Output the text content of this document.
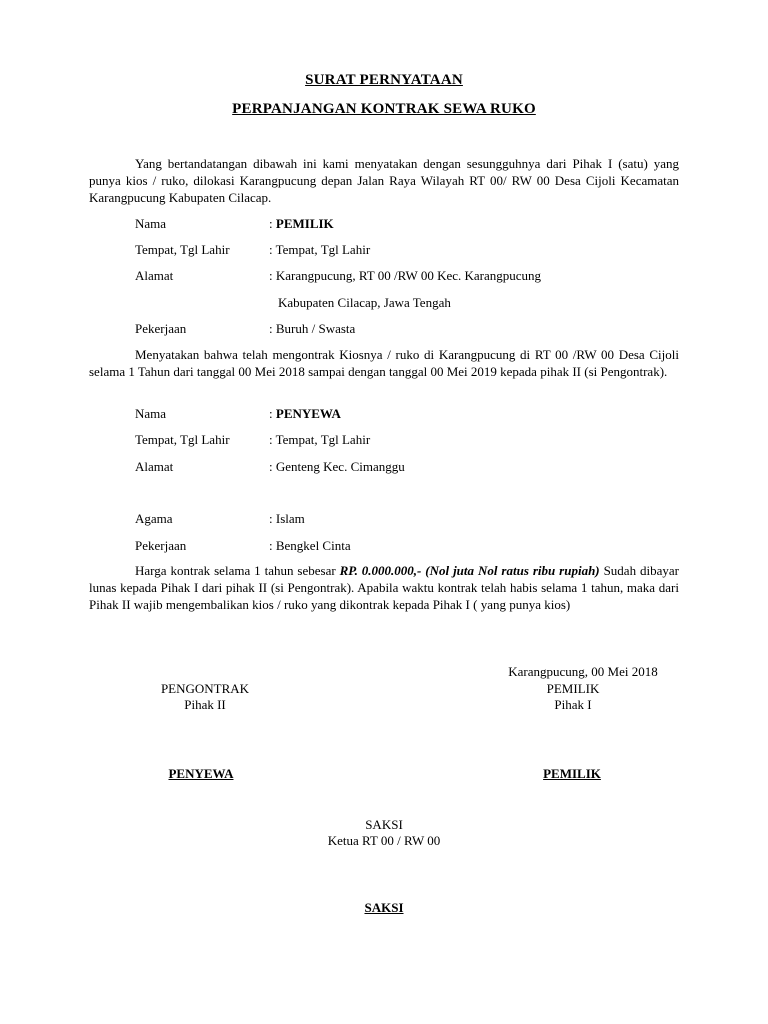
SURAT PERNYATAAN
PERPANJANGAN KONTRAK SEWA RUKO
Yang bertandatangan dibawah ini kami menyatakan dengan sesungguhnya dari Pihak I (satu) yang punya kios / ruko, dilokasi Karangpucung depan Jalan Raya Wilayah RT 00/ RW 00 Desa Cijoli Kecamatan Karangpucung Kabupaten Cilacap.
Nama	: PEMILIK
Tempat, Tgl Lahir	: Tempat, Tgl Lahir
Alamat	: Karangpucung, RT 00 /RW 00 Kec. Karangpucung
Kabupaten Cilacap, Jawa Tengah
Pekerjaan	: Buruh / Swasta
Menyatakan bahwa telah mengontrak Kiosnya / ruko di Karangpucung di RT 00 /RW 00 Desa Cijoli selama 1 Tahun dari tanggal 00 Mei 2018 sampai dengan tanggal 00 Mei 2019 kepada pihak II (si Pengontrak).
Nama	: PENYEWA
Tempat, Tgl Lahir	: Tempat, Tgl Lahir
Alamat	: Genteng Kec. Cimanggu
Agama	: Islam
Pekerjaan	: Bengkel Cinta
Harga kontrak selama 1 tahun sebesar RP. 0.000.000,- (Nol juta Nol ratus ribu rupiah) Sudah dibayar lunas kepada Pihak I dari pihak II (si Pengontrak). Apabila waktu kontrak telah habis selama 1 tahun, maka dari Pihak II wajib mengembalikan kios / ruko yang dikontrak kepada Pihak I ( yang punya kios)
Karangpucung, 00 Mei 2018
PENGONTRAK
Pihak II
PEMILIK
Pihak I
PENYEWA	PEMILIK
SAKSI
Ketua RT 00 / RW 00
SAKSI
